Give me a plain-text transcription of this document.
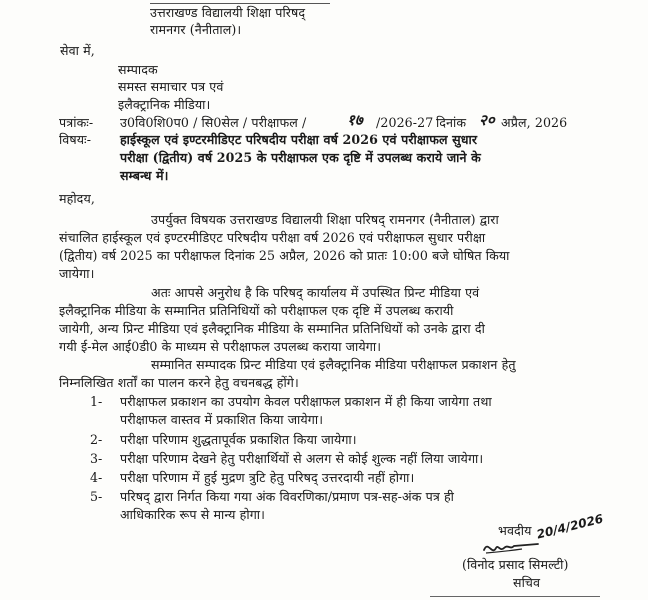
उत्तराखण्ड विद्यालयी शिक्षा परिषद्
रामनगर (नैनीताल)।
सेवा में,
सम्पादक
समस्त समाचार पत्र एवं
इलैक्ट्रानिक मीडिया।
पत्रांकः- उ0वि0शि0प0 / सि0सेल / परीक्षाफल /	१७ /2026-27 दिनांक २० अप्रैल, 2026
विषयः- हाईस्कूल एवं इण्टरमीडिएट परिषदीय परीक्षा वर्ष 2026 एवं परीक्षाफल सुधार
परीक्षा (द्वितीय) वर्ष 2025 के परीक्षाफल एक दृष्टि में उपलब्ध कराये जाने के
सम्बन्ध में।
महोदय,
उपर्युक्त विषयक उत्तराखण्ड विद्यालयी शिक्षा परिषद् रामनगर (नैनीताल) द्वारा
संचालित हाईस्कूल एवं इण्टरमीडिएट परिषदीय परीक्षा वर्ष 2026 एवं परीक्षाफल सुधार परीक्षा
(द्वितीय) वर्ष 2025 का परीक्षाफल दिनांक 25 अप्रैल, 2026 को प्रातः 10:00 बजे घोषित किया
जायेगा।
अतः आपसे अनुरोध है कि परिषद् कार्यालय में उपस्थित प्रिन्ट मीडिया एवं
इलैक्ट्रानिक मीडिया के सम्मानित प्रतिनिधियों को परीक्षाफल एक दृष्टि में उपलब्ध करायी
जायेगी, अन्य प्रिन्ट मीडिया एवं इलैक्ट्रानिक मीडिया के सम्मानित प्रतिनिधियों को उनके द्वारा दी
गयी ई-मेल आई0डी0 के माध्यम से परीक्षाफल उपलब्ध कराया जायेगा।
सम्मानित सम्पादक प्रिन्ट मीडिया एवं इलैक्ट्रानिक मीडिया परीक्षाफल प्रकाशन हेतु
निम्नलिखित शर्तों का पालन करने हेतु वचनबद्ध होंगे।
1- परीक्षाफल प्रकाशन का उपयोग केवल परीक्षाफल प्रकाशन में ही किया जायेगा तथा
परीक्षाफल वास्तव में प्रकाशित किया जायेगा।
2- परीक्षा परिणाम शुद्धतापूर्वक प्रकाशित किया जायेगा।
3- परीक्षा परिणाम देखने हेतु परीक्षार्थियों से अलग से कोई शुल्क नहीं लिया जायेगा।
4- परीक्षा परिणाम में हुई मुद्रण त्रुटि हेतु परिषद् उत्तरदायी नहीं होगा।
5- परिषद् द्वारा निर्गत किया गया अंक विवरणिका/प्रमाण पत्र-सह-अंक पत्र ही
आधिकारिक रूप से मान्य होगा।
भवदीय 20/4/2026
(विनोद प्रसाद सिमल्टी)
सचिव
